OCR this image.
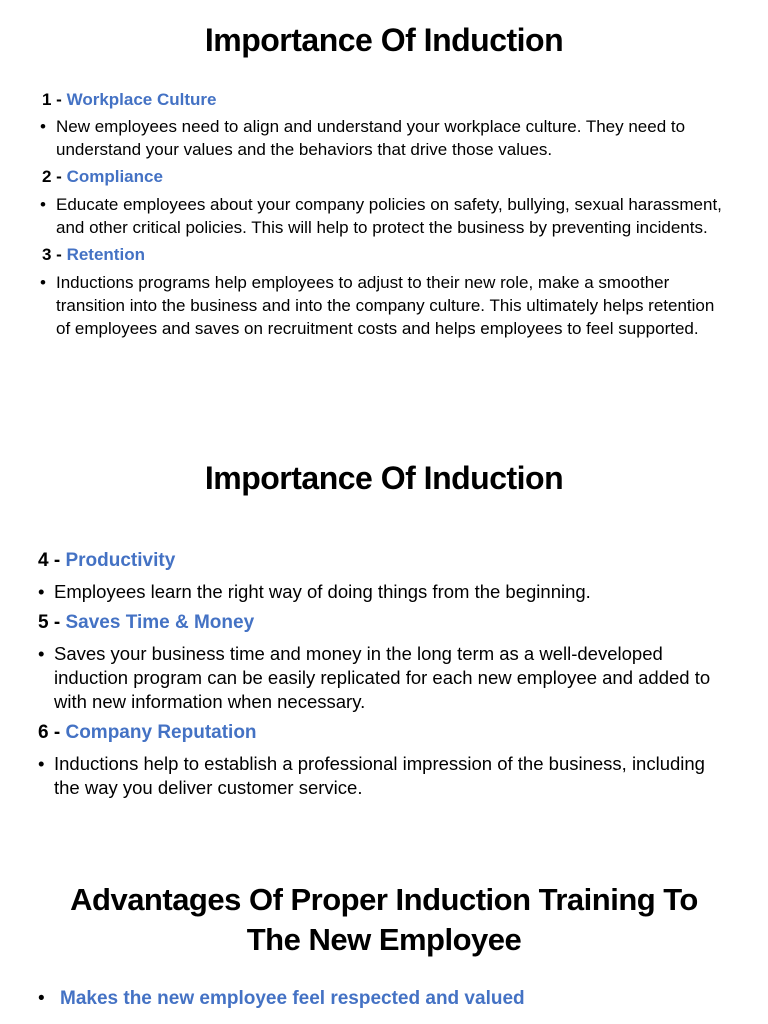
Importance Of Induction

1 - Workplace Culture

• New employees need to align and understand your workplace culture. They need to understand your values and the behaviors that drive those values.

2 - Compliance

• Educate employees about your company policies on safety, bullying, sexual harassment, and other critical policies. This will help to protect the business by preventing incidents.

3 - Retention

• Inductions programs help employees to adjust to their new role, make a smoother transition into the business and into the company culture. This ultimately helps retention of employees and saves on recruitment costs and helps employees to feel supported.
Importance Of Induction

4 - Productivity

• Employees learn the right way of doing things from the beginning.

5 - Saves Time & Money

• Saves your business time and money in the long term as a well-developed induction program can be easily replicated for each new employee and added to with new information when necessary.

6 - Company Reputation

• Inductions help to establish a professional impression of the business, including the way you deliver customer service.
Advantages Of Proper Induction Training To
The New Employee
• Makes the new employee feel respected and valued
